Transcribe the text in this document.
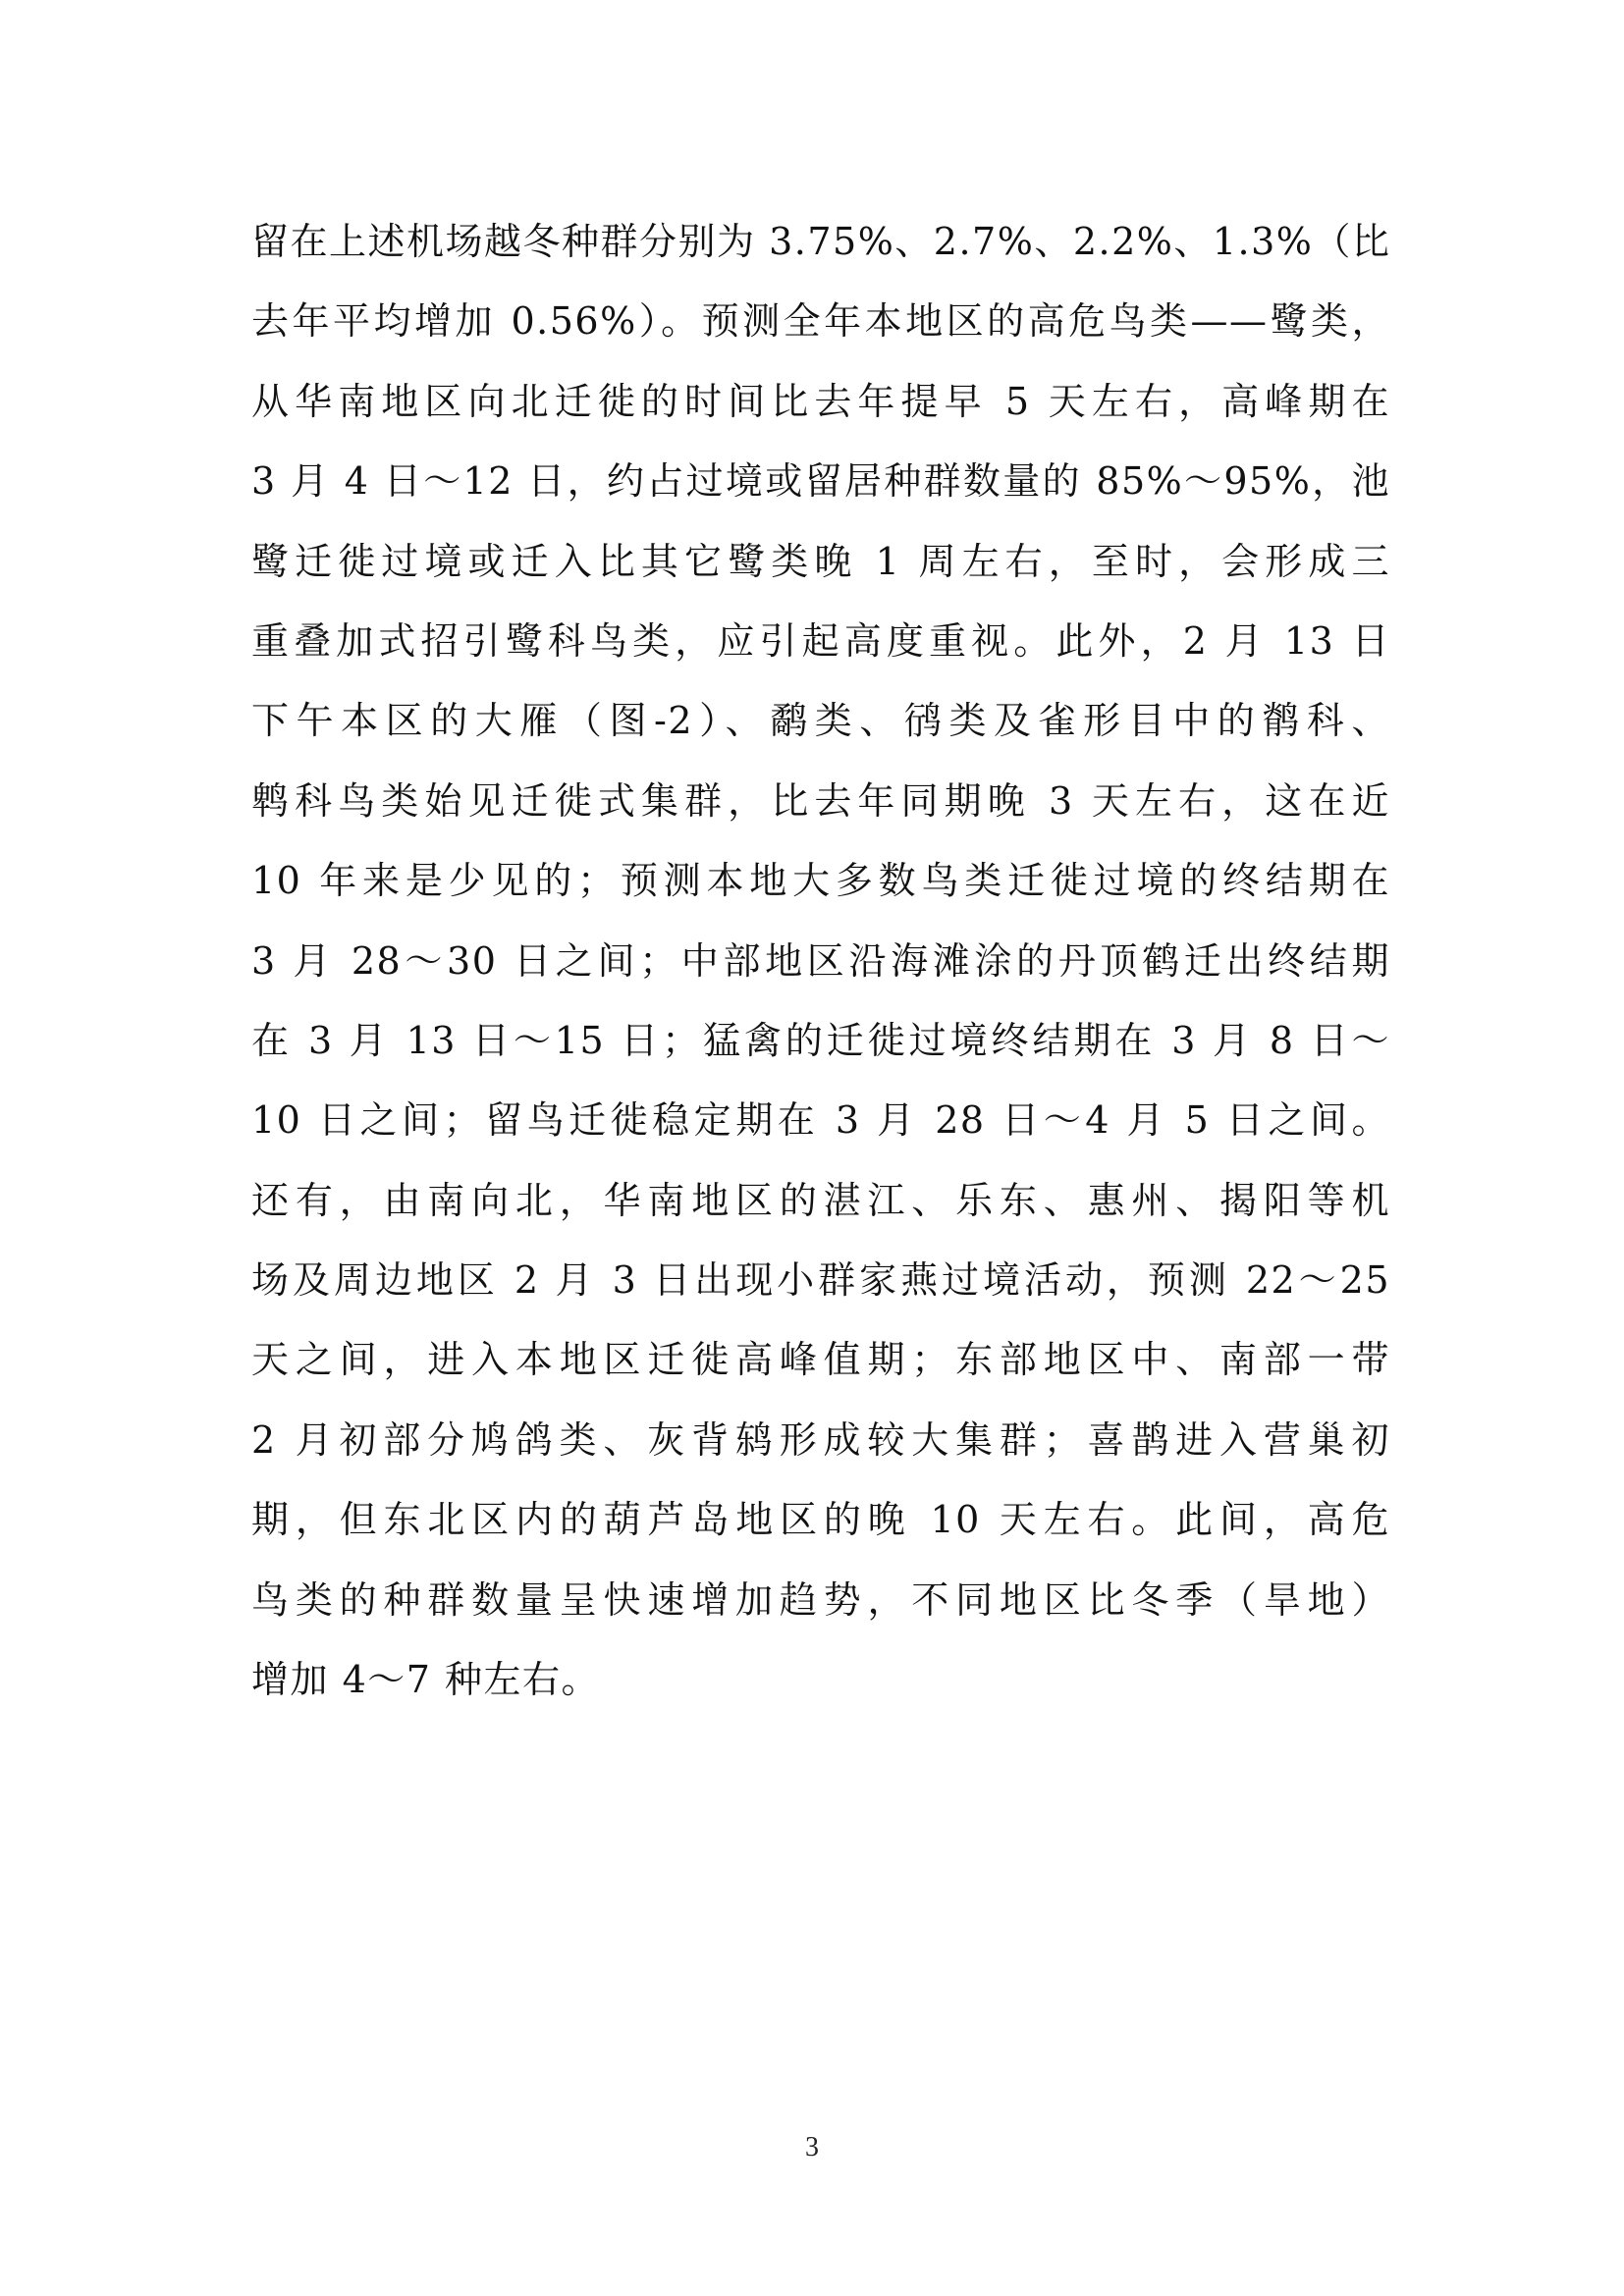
留在上述机场越冬种群分别为 3.75%、2.7%、2.2%、1.3%（比
去年平均增加 0.56%）。预测全年本地区的高危鸟类——鹭类，
从华南地区向北迁徙的时间比去年提早 5 天左右，高峰期在
3 月 4 日～12 日，约占过境或留居种群数量的 85%～95%，池
鹭迁徙过境或迁入比其它鹭类晚 1 周左右，至时，会形成三
重叠加式招引鹭科鸟类，应引起高度重视。此外，2 月 13 日
下午本区的大雁（图-2）、鹬类、鸻类及雀形目中的鹡科、
鹎科鸟类始见迁徙式集群，比去年同期晚 3 天左右，这在近
10 年来是少见的；预测本地大多数鸟类迁徙过境的终结期在
3 月 28～30 日之间；中部地区沿海滩涂的丹顶鹤迁出终结期
在 3 月 13 日～15 日；猛禽的迁徙过境终结期在 3 月 8 日～
10 日之间；留鸟迁徙稳定期在 3 月 28 日～4 月 5 日之间。
还有，由南向北，华南地区的湛江、乐东、惠州、揭阳等机
场及周边地区 2 月 3 日出现小群家燕过境活动，预测 22～25
天之间，进入本地区迁徙高峰值期；东部地区中、南部一带
2 月初部分鸠鸽类、灰背鸫形成较大集群；喜鹊进入营巢初
期，但东北区内的葫芦岛地区的晚 10 天左右。此间，高危
鸟类的种群数量呈快速增加趋势，不同地区比冬季（旱地）
增加 4～7 种左右。
3
